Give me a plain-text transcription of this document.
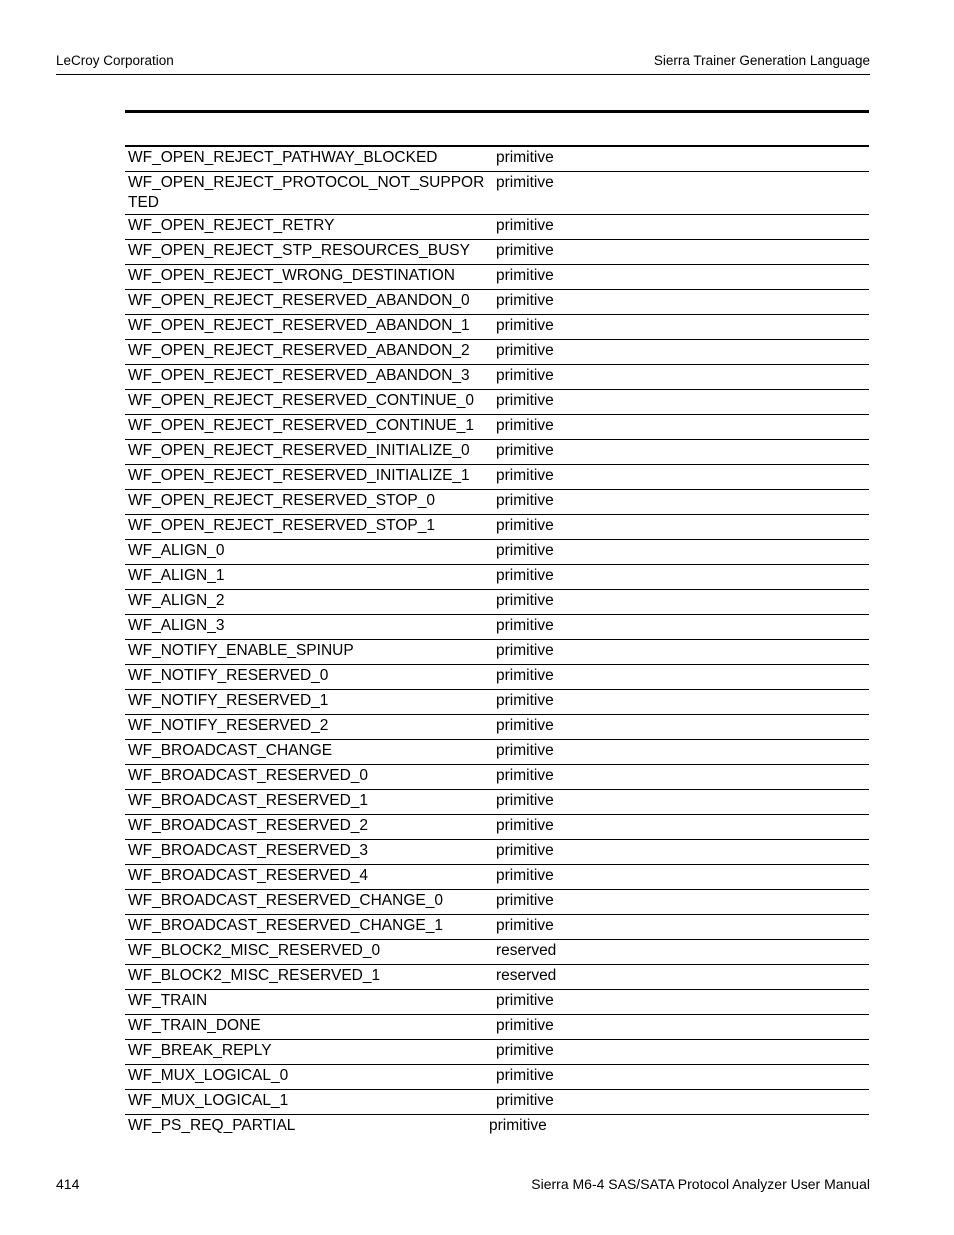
LeCroy Corporation	Sierra Trainer Generation Language
WF_OPEN_REJECT_PATHWAY_BLOCKED	primitive
WF_OPEN_REJECT_PROTOCOL_NOT_SUPPORTED	primitive
WF_OPEN_REJECT_RETRY	primitive
WF_OPEN_REJECT_STP_RESOURCES_BUSY	primitive
WF_OPEN_REJECT_WRONG_DESTINATION	primitive
WF_OPEN_REJECT_RESERVED_ABANDON_0	primitive
WF_OPEN_REJECT_RESERVED_ABANDON_1	primitive
WF_OPEN_REJECT_RESERVED_ABANDON_2	primitive
WF_OPEN_REJECT_RESERVED_ABANDON_3	primitive
WF_OPEN_REJECT_RESERVED_CONTINUE_0	primitive
WF_OPEN_REJECT_RESERVED_CONTINUE_1	primitive
WF_OPEN_REJECT_RESERVED_INITIALIZE_0	primitive
WF_OPEN_REJECT_RESERVED_INITIALIZE_1	primitive
WF_OPEN_REJECT_RESERVED_STOP_0	primitive
WF_OPEN_REJECT_RESERVED_STOP_1	primitive
WF_ALIGN_0	primitive
WF_ALIGN_1	primitive
WF_ALIGN_2	primitive
WF_ALIGN_3	primitive
WF_NOTIFY_ENABLE_SPINUP	primitive
WF_NOTIFY_RESERVED_0	primitive
WF_NOTIFY_RESERVED_1	primitive
WF_NOTIFY_RESERVED_2	primitive
WF_BROADCAST_CHANGE	primitive
WF_BROADCAST_RESERVED_0	primitive
WF_BROADCAST_RESERVED_1	primitive
WF_BROADCAST_RESERVED_2	primitive
WF_BROADCAST_RESERVED_3	primitive
WF_BROADCAST_RESERVED_4	primitive
WF_BROADCAST_RESERVED_CHANGE_0	primitive
WF_BROADCAST_RESERVED_CHANGE_1	primitive
WF_BLOCK2_MISC_RESERVED_0	reserved
WF_BLOCK2_MISC_RESERVED_1	reserved
WF_TRAIN	primitive
WF_TRAIN_DONE	primitive
WF_BREAK_REPLY	primitive
WF_MUX_LOGICAL_0	primitive
WF_MUX_LOGICAL_1	primitive
WF_PS_REQ_PARTIAL	primitive
414	Sierra M6-4 SAS/SATA Protocol Analyzer User Manual
